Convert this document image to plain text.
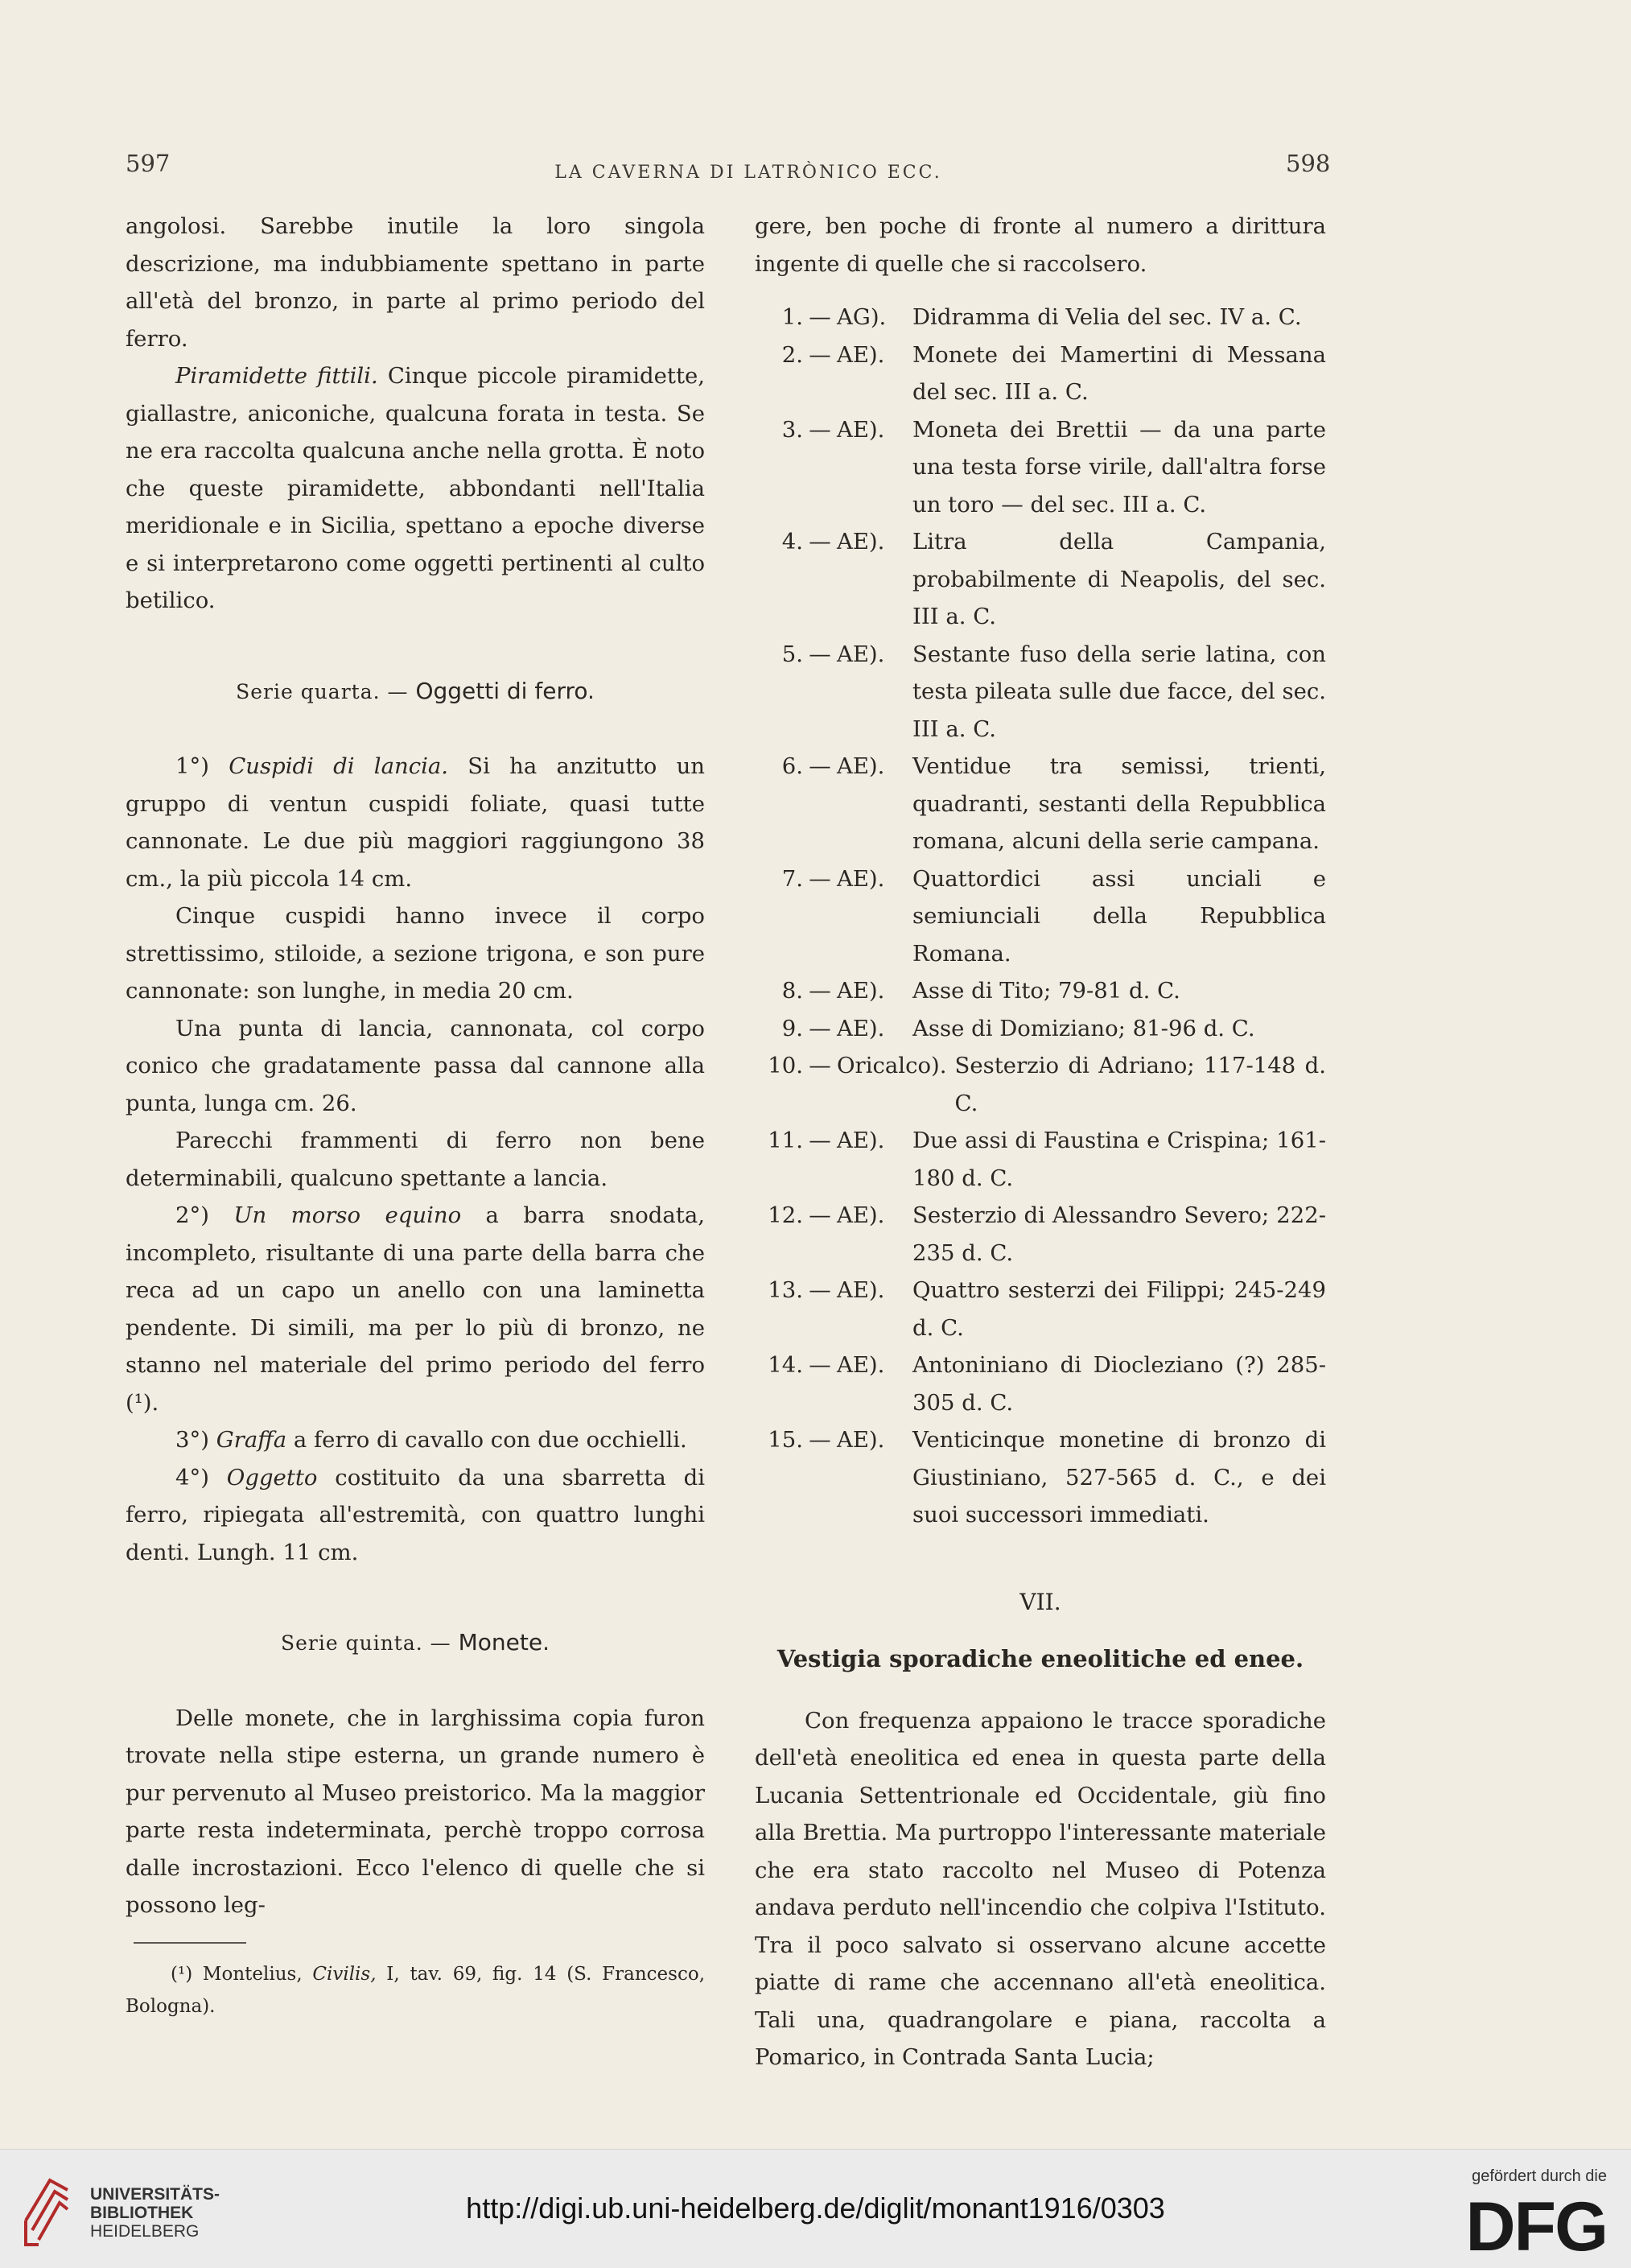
597	LA CAVERNA DI LATRÒNICO ECC.	598

angolosi. Sarebbe inutile la loro singola descrizione, ma indubbiamente spettano in parte all'età del bronzo, in parte al primo periodo del ferro.

Piramidette fittili. Cinque piccole piramidette, giallastre, aniconiche, qualcuna forata in testa. Se ne era raccolta qualcuna anche nella grotta. È noto che queste piramidette, abbondanti nell'Italia meridionale e in Sicilia, spettano a epoche diverse e si interpretarono come oggetti pertinenti al culto betilico.

Serie quarta. — Oggetti di ferro.

1°) Cuspidi di lancia. Si ha anzitutto un gruppo di ventun cuspidi foliate, quasi tutte cannonate. Le due più maggiori raggiungono 38 cm., la più piccola 14 cm.

Cinque cuspidi hanno invece il corpo strettissimo, stiloide, a sezione trigona, e son pure cannonate: son lunghe, in media 20 cm.

Una punta di lancia, cannonata, col corpo conico che gradatamente passa dal cannone alla punta, lunga cm. 26.

Parecchi frammenti di ferro non bene determinabili, qualcuno spettante a lancia.

2°) Un morso equino a barra snodata, incompleto, risultante di una parte della barra che reca ad un capo un anello con una laminetta pendente. Di simili, ma per lo più di bronzo, ne stanno nel materiale del primo periodo del ferro (¹).

3°) Graffa a ferro di cavallo con due occhielli.

4°) Oggetto costituito da una sbarretta di ferro, ripiegata all'estremità, con quattro lunghi denti. Lungh. 11 cm.

Serie quinta. — Monete.

Delle monete, che in larghissima copia furon trovate nella stipe esterna, un grande numero è pur pervenuto al Museo preistorico. Ma la maggior parte resta indeterminata, perchè troppo corrosa dalle incrostazioni. Ecco l'elenco di quelle che si possono leg-

(¹) Montelius, Civilis, I, tav. 69, fig. 14 (S. Francesco, Bologna).

gere, ben poche di fronte al numero a dirittura ingente di quelle che si raccolsero.

1. — AG).	Didramma di Velia del sec. IV a. C.
2. — AE).	Monete dei Mamertini di Messana del sec. III a. C.
3. — AE).	Moneta dei Brettii — da una parte una testa forse virile, dall'altra forse un toro — del sec. III a. C.
4. — AE).	Litra della Campania, probabilmente di Neapolis, del sec. III a. C.
5. — AE).	Sestante fuso della serie latina, con testa pileata sulle due facce, del sec. III a. C.
6. — AE).	Ventidue tra semissi, trienti, quadranti, sestanti della Repubblica romana, alcuni della serie campana.
7. — AE).	Quattordici assi unciali e semiunciali della Repubblica Romana.
8. — AE).	Asse di Tito; 79-81 d. C.
9. — AE).	Asse di Domiziano; 81-96 d. C.
10. — Oricalco). Sesterzio di Adriano; 117-148 d. C.
11. — AE).	Due assi di Faustina e Crispina; 161-180 d. C.
12. — AE).	Sesterzio di Alessandro Severo; 222-235 d. C.
13. — AE).	Quattro sesterzi dei Filippi; 245-249 d. C.
14. — AE).	Antoniniano di Diocleziano (?) 285-305 d. C.
15. — AE).	Venticinque monetine di bronzo di Giustiniano, 527-565 d. C., e dei suoi successori immediati.

VII.

Vestigia sporadiche eneolitiche ed enee.

Con frequenza appaiono le tracce sporadiche dell'età eneolitica ed enea in questa parte della Lucania Settentrionale ed Occidentale, giù fino alla Brettia. Ma purtroppo l'interessante materiale che era stato raccolto nel Museo di Potenza andava perduto nell'incendio che colpiva l'Istituto. Tra il poco salvato si osservano alcune accette piatte di rame che accennano all'età eneolitica. Tali una, quadrangolare e piana, raccolta a Pomarico, in Contrada Santa Lucia;

UNIVERSITÄTS-
BIBLIOTHEK
HEIDELBERG
http://digi.ub.uni-heidelberg.de/diglit/monant1916/0303
gefördert durch die
DFG
